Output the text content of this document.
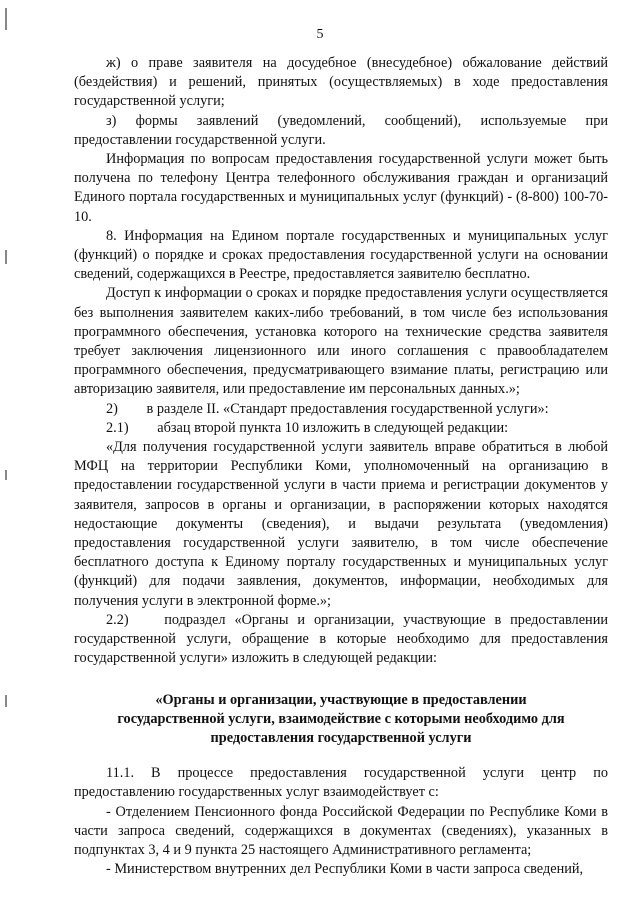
5

ж) о праве заявителя на досудебное (внесудебное) обжалование действий (бездействия) и решений, принятых (осуществляемых) в ходе предоставления государственной услуги;

з) формы заявлений (уведомлений, сообщений), используемые при предоставлении государственной услуги.

Информация по вопросам предоставления государственной услуги может быть получена по телефону Центра телефонного обслуживания граждан и организаций Единого портала государственных и муниципальных услуг (функций) - (8-800) 100-70-10.

8. Информация на Едином портале государственных и муниципальных услуг (функций) о порядке и сроках предоставления государственной услуги на основании сведений, содержащихся в Реестре, предоставляется заявителю бесплатно.

Доступ к информации о сроках и порядке предоставления услуги осуществляется без выполнения заявителем каких-либо требований, в том числе без использования программного обеспечения, установка которого на технические средства заявителя требует заключения лицензионного или иного соглашения с правообладателем программного обеспечения, предусматривающего взимание платы, регистрацию или авторизацию заявителя, или предоставление им персональных данных.»;

2)        в разделе II. «Стандарт предоставления государственной услуги»:

2.1)        абзац второй пункта 10 изложить в следующей редакции:

«Для получения государственной услуги заявитель вправе обратиться в любой МФЦ на территории Республики Коми, уполномоченный на организацию в предоставлении государственной услуги в части приема и регистрации документов у заявителя, запросов в органы и организации, в распоряжении которых находятся недостающие документы (сведения), и выдачи результата (уведомления) предоставления государственной услуги заявителю, в том числе обеспечение бесплатного доступа к Единому порталу государственных и муниципальных услуг (функций) для подачи заявления, документов, информации, необходимых для получения услуги в электронной форме.»;

2.2)    подраздел «Органы и организации, участвующие в предоставлении государственной услуги, обращение в которые необходимо для предоставления государственной услуги» изложить в следующей редакции:

«Органы и организации, участвующие в предоставлении
государственной услуги, взаимодействие с которыми необходимо для
предоставления государственной услуги

11.1. В процессе предоставления государственной услуги центр по предоставлению государственных услуг взаимодействует с:

- Отделением Пенсионного фонда Российской Федерации по Республике Коми в части запроса сведений, содержащихся в документах (сведениях), указанных в подпунктах 3, 4 и 9 пункта 25 настоящего Административного регламента;

- Министерством внутренних дел Республики Коми в части запроса сведений,
